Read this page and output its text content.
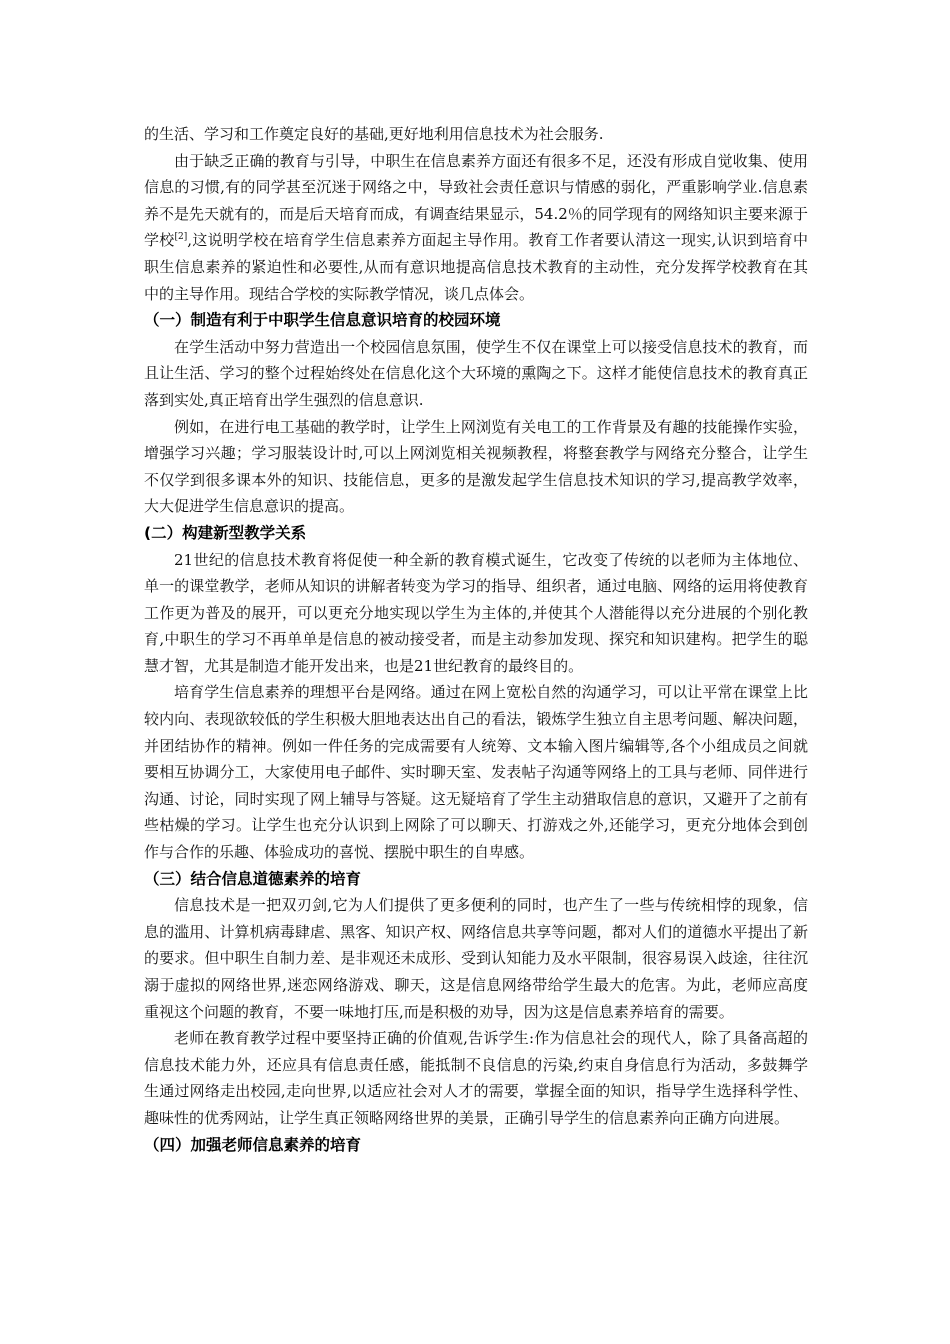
的生活、学习和工作奠定良好的基础,更好地利用信息技术为社会服务.

由于缺乏正确的教育与引导，中职生在信息素养方面还有很多不足，还没有形成自觉收集、使用信息的习惯,有的同学甚至沉迷于网络之中，导致社会责任意识与情感的弱化，严重影响学业.信息素养不是先天就有的，而是后天培育而成，有调查结果显示，54.2％的同学现有的网络知识主要来源于学校[2],这说明学校在培育学生信息素养方面起主导作用。教育工作者要认清这一现实,认识到培育中职生信息素养的紧迫性和必要性,从而有意识地提高信息技术教育的主动性，充分发挥学校教育在其中的主导作用。现结合学校的实际教学情况，谈几点体会。

（一）制造有利于中职学生信息意识培育的校园环境

在学生活动中努力营造出一个校园信息氛围，使学生不仅在课堂上可以接受信息技术的教育，而且让生活、学习的整个过程始终处在信息化这个大环境的熏陶之下。这样才能使信息技术的教育真正落到实处,真正培育出学生强烈的信息意识.

例如，在进行电工基础的教学时，让学生上网浏览有关电工的工作背景及有趣的技能操作实验，增强学习兴趣；学习服装设计时,可以上网浏览相关视频教程，将整套教学与网络充分整合，让学生不仅学到很多课本外的知识、技能信息，更多的是激发起学生信息技术知识的学习,提高教学效率，大大促进学生信息意识的提高。

(二）构建新型教学关系

21世纪的信息技术教育将促使一种全新的教育模式诞生，它改变了传统的以老师为主体地位、单一的课堂教学，老师从知识的讲解者转变为学习的指导、组织者，通过电脑、网络的运用将使教育工作更为普及的展开，可以更充分地实现以学生为主体的,并使其个人潜能得以充分进展的个别化教育,中职生的学习不再单单是信息的被动接受者，而是主动参加发现、探究和知识建构。把学生的聪慧才智，尤其是制造才能开发出来，也是21世纪教育的最终目的。

培育学生信息素养的理想平台是网络。通过在网上宽松自然的沟通学习，可以让平常在课堂上比较内向、表现欲较低的学生积极大胆地表达出自己的看法，锻炼学生独立自主思考问题、解决问题，并团结协作的精神。例如一件任务的完成需要有人统筹、文本输入图片编辑等,各个小组成员之间就要相互协调分工，大家使用电子邮件、实时聊天室、发表帖子沟通等网络上的工具与老师、同伴进行沟通、讨论，同时实现了网上辅导与答疑。这无疑培育了学生主动猎取信息的意识，又避开了之前有些枯燥的学习。让学生也充分认识到上网除了可以聊天、打游戏之外,还能学习，更充分地体会到创作与合作的乐趣、体验成功的喜悦、摆脱中职生的自卑感。

（三）结合信息道德素养的培育

信息技术是一把双刃剑,它为人们提供了更多便利的同时，也产生了一些与传统相悖的现象，信息的滥用、计算机病毒肆虐、黑客、知识产权、网络信息共享等问题，都对人们的道德水平提出了新的要求。但中职生自制力差、是非观还未成形、受到认知能力及水平限制，很容易误入歧途，往往沉溺于虚拟的网络世界,迷恋网络游戏、聊天，这是信息网络带给学生最大的危害。为此，老师应高度重视这个问题的教育，不要一味地打压,而是积极的劝导，因为这是信息素养培育的需要。

老师在教育教学过程中要坚持正确的价值观,告诉学生:作为信息社会的现代人，除了具备高超的信息技术能力外，还应具有信息责任感，能抵制不良信息的污染,约束自身信息行为活动，多鼓舞学生通过网络走出校园,走向世界,以适应社会对人才的需要，掌握全面的知识，指导学生选择科学性、趣味性的优秀网站，让学生真正领略网络世界的美景，正确引导学生的信息素养向正确方向进展。

（四）加强老师信息素养的培育
